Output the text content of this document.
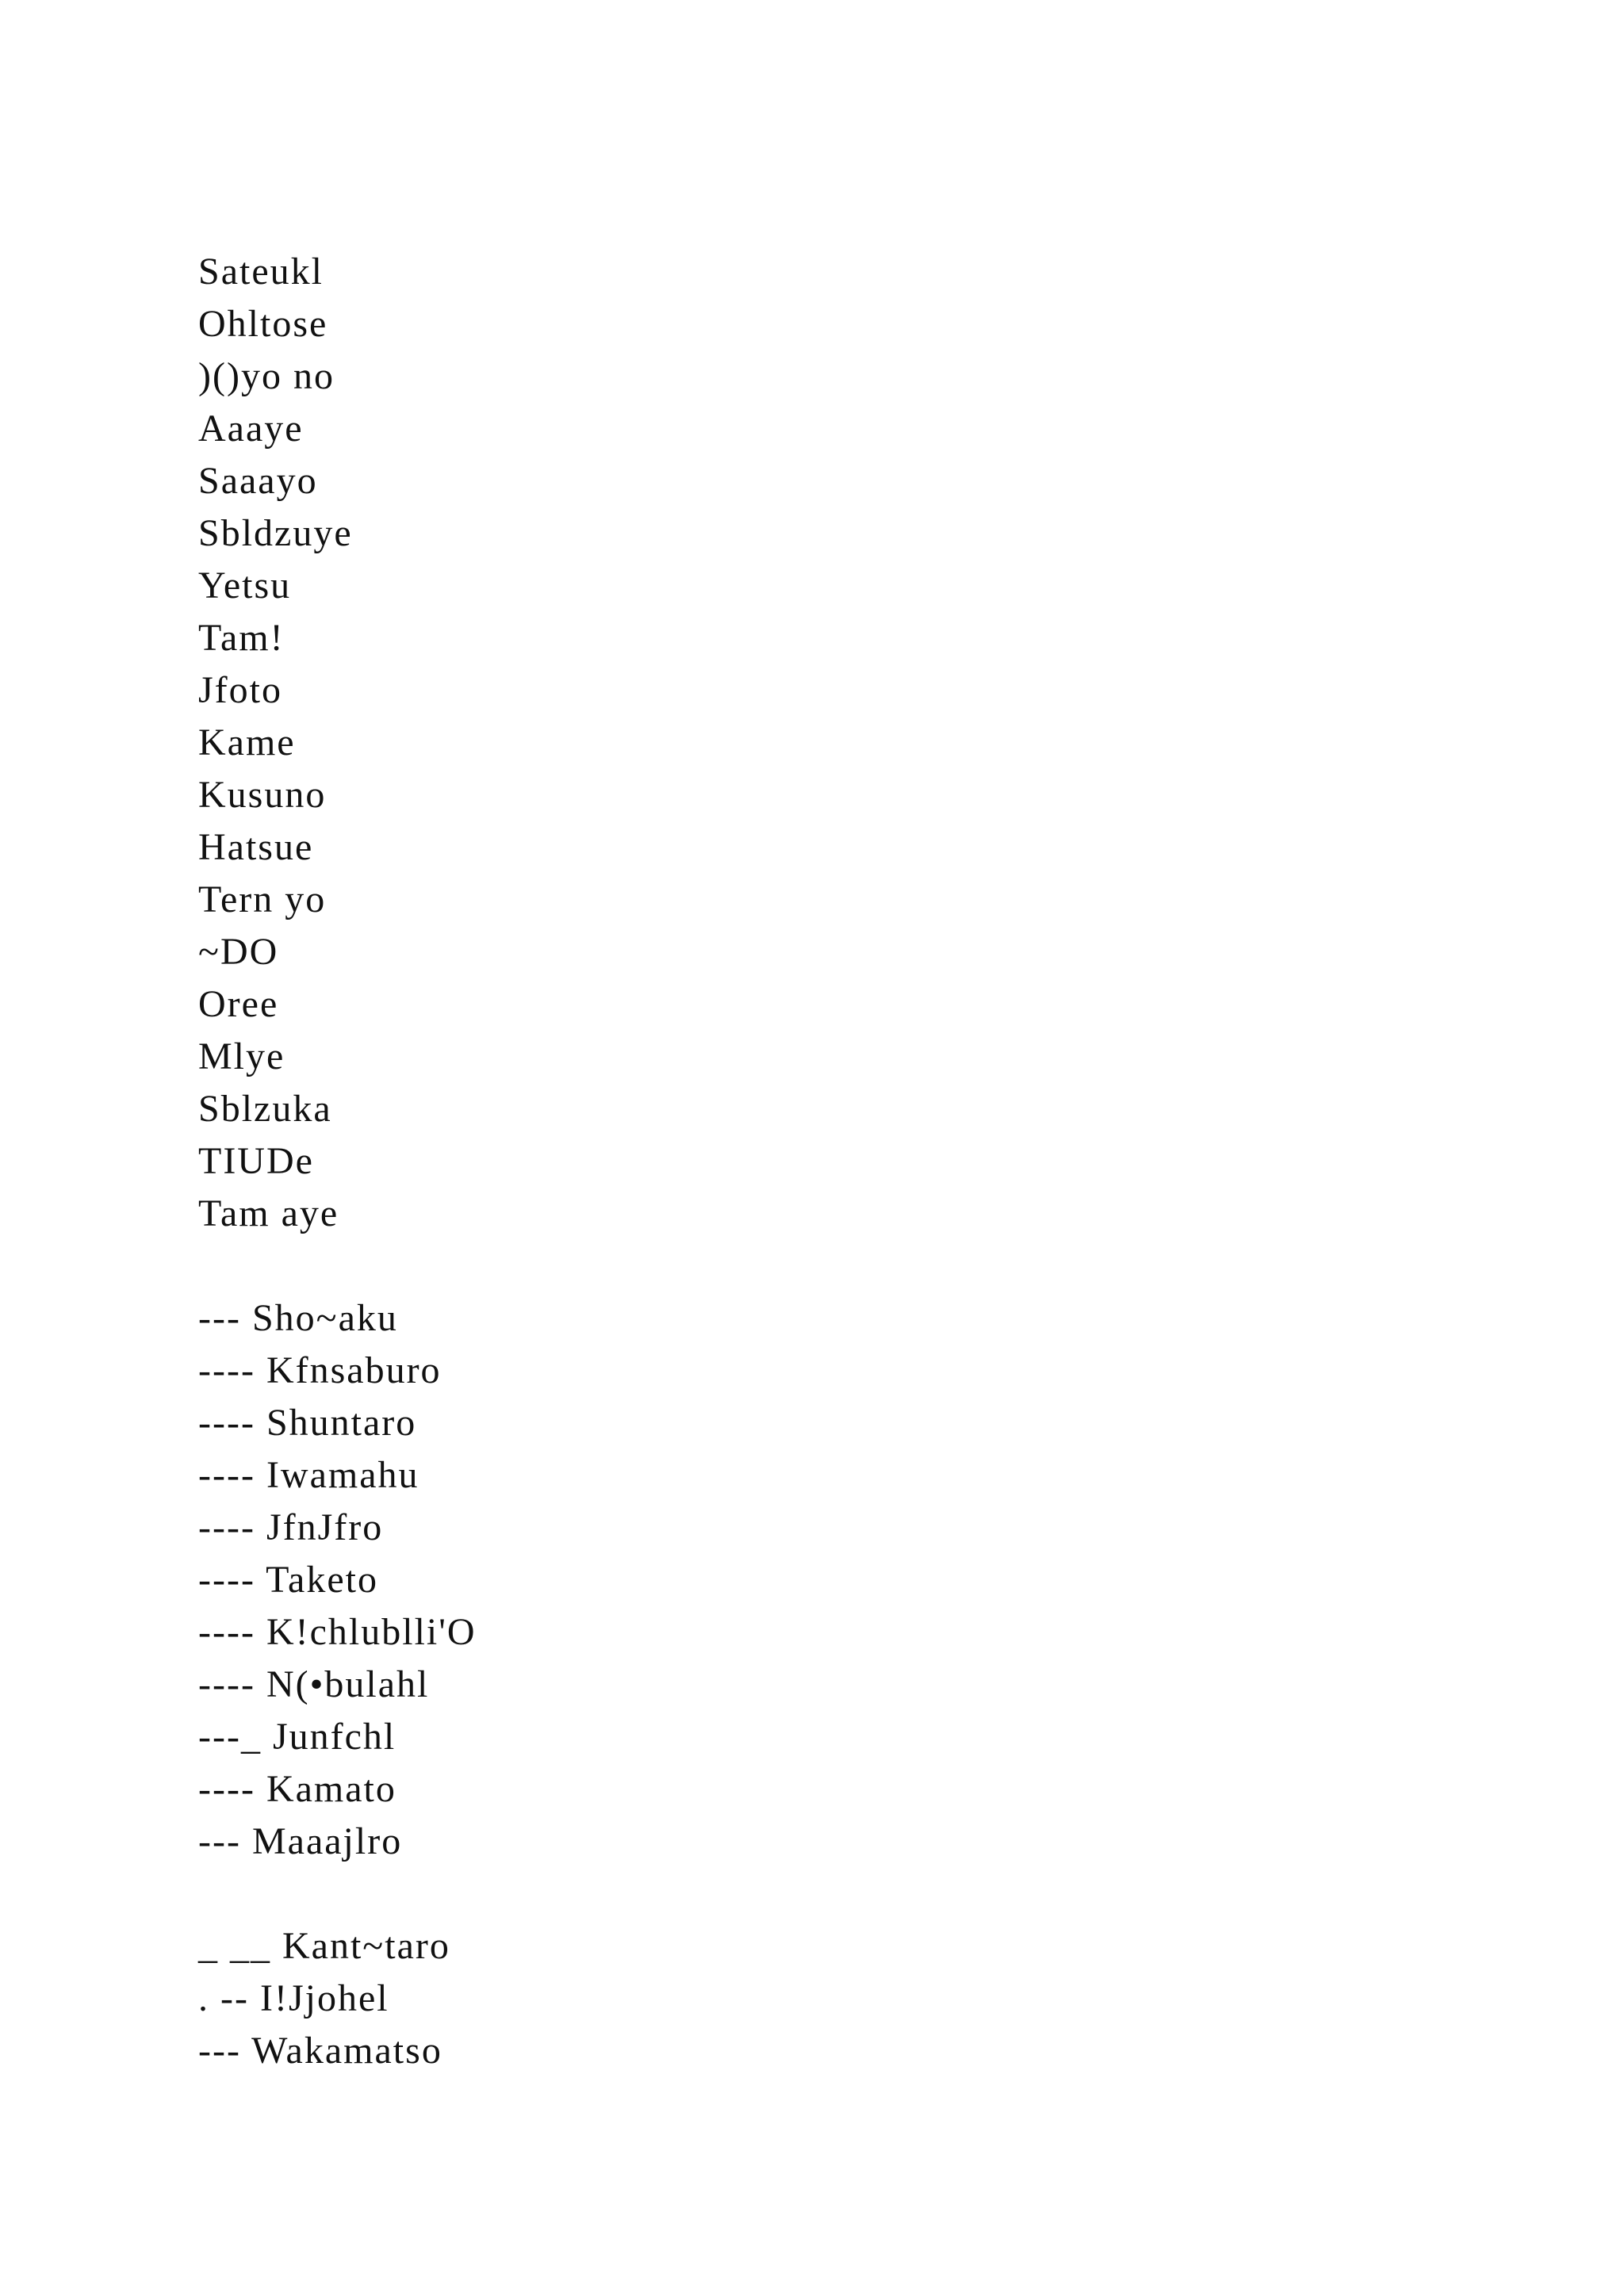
Sateukl
Ohltose
)()yo no
Aaaye
Saaayo
Sbldzuye
Yetsu
Tam!
Jfoto
Kame
Kusuno
Hatsue
Tern yo
~DO
Oree
Mlye
Sblzuka
TIUDe
Tam aye
--- Sho~aku
---- Kfnsaburo
---- Shuntaro
---- Iwamahu
---- JfnJfro
---- Taketo
---- K!chlublli'O
---- N(•bulahl
---_ Junfchl
---- Kamato
--- Maaajlro
_ __ Kant~taro
. -- I!Jjohel
--- Wakamatso
